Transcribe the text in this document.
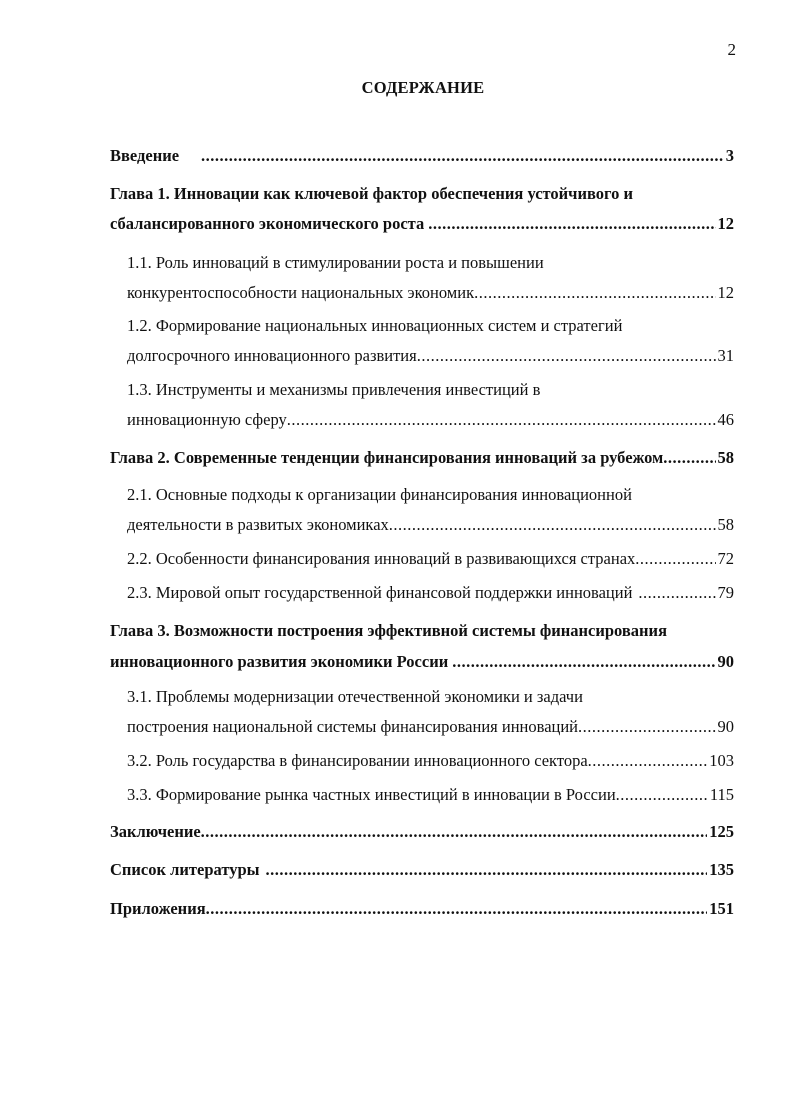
2
СОДЕРЖАНИЕ
Введение .....	3
Глава 1. Инновации как ключевой фактор обеспечения устойчивого и
сбалансированного экономического роста .....	12
1.1. Роль инноваций в стимулировании роста и повышении
конкурентоспособности национальных экономик .....	12
1.2. Формирование национальных инновационных систем и стратегий
долгосрочного инновационного развития .....	31
1.3. Инструменты и механизмы привлечения инвестиций в
инновационную сферу .....	46
Глава 2. Современные тенденции финансирования инноваций за рубежом .....	58
2.1. Основные подходы к организации финансирования инновационной
деятельности в развитых экономиках .....	58
2.2. Особенности финансирования инноваций в развивающихся странах .....	72
2.3. Мировой опыт государственной финансовой поддержки инноваций .....	79
Глава 3. Возможности построения эффективной системы финансирования
инновационного развития экономики России .....	90
3.1. Проблемы модернизации отечественной экономики и задачи
построения национальной системы финансирования инноваций .....	90
3.2. Роль государства в финансировании инновационного сектора .....	103
3.3. Формирование рынка частных инвестиций в инновации в России .....	115
Заключение .....	125
Список литературы .....	135
Приложения .....	151
